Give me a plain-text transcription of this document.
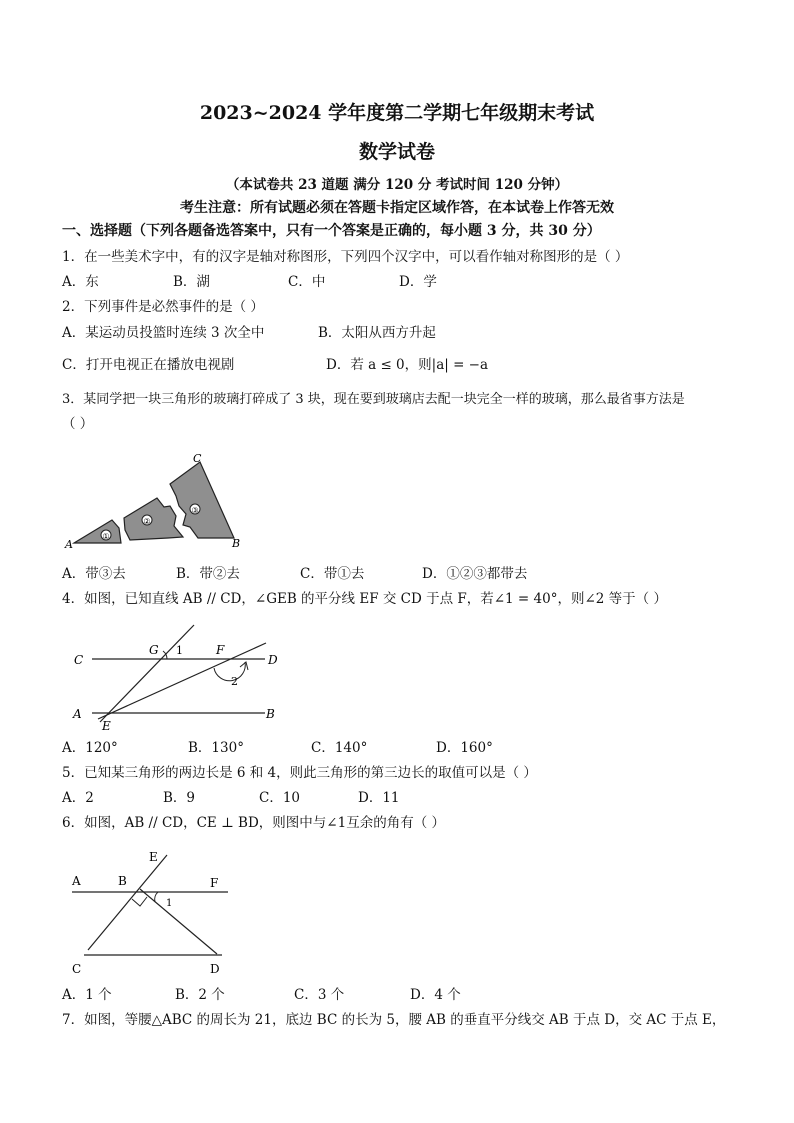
2023~2024 学年度第二学期七年级期末考试
数学试卷
（本试卷共 23 道题 满分 120 分 考试时间 120 分钟）
考生注意：所有试题必须在答题卡指定区域作答，在本试卷上作答无效
一、选择题（下列各题备选答案中，只有一个答案是正确的，每小题 3 分，共 30 分）
1．在一些美术字中，有的汉字是轴对称图形，下列四个汉字中，可以看作轴对称图形的是（ ）
A．东	B．湖	C．中	D．学
2．下列事件是必然事件的是（ ）
A．某运动员投篮时连续 3 次全中	B．太阳从西方升起
C．打开电视正在播放电视剧	D．若 a ≤ 0，则|a| = −a
3．某同学把一块三角形的玻璃打碎成了 3 块，现在要到玻璃店去配一块完全一样的玻璃，那么最省事方法是
（ ）
①
②
③
A	B
C
A．带③去	B．带②去	C．带①去	D．①②③都带去
4．如图，已知直线 AB // CD，∠GEB 的平分线 EF 交 CD 于点 F，若∠1 = 40°，则∠2 等于（ ）
C
G 1	F
D
2
A
E
B
A．120°	B．130°	C．140°	D．160°
5．已知某三角形的两边长是 6 和 4，则此三角形的第三边长的取值可以是（ ）
A．2	B．9	C．10	D．11
6．如图，AB // CD，CE ⊥ BD，则图中与∠1互余的角有（ ）
E
A	B	F
1
C	D
A．1 个	B．2 个	C．3 个	D．4 个
7．如图，等腰△ABC 的周长为 21，底边 BC 的长为 5，腰 AB 的垂直平分线交 AB 于点 D，交 AC 于点 E，
